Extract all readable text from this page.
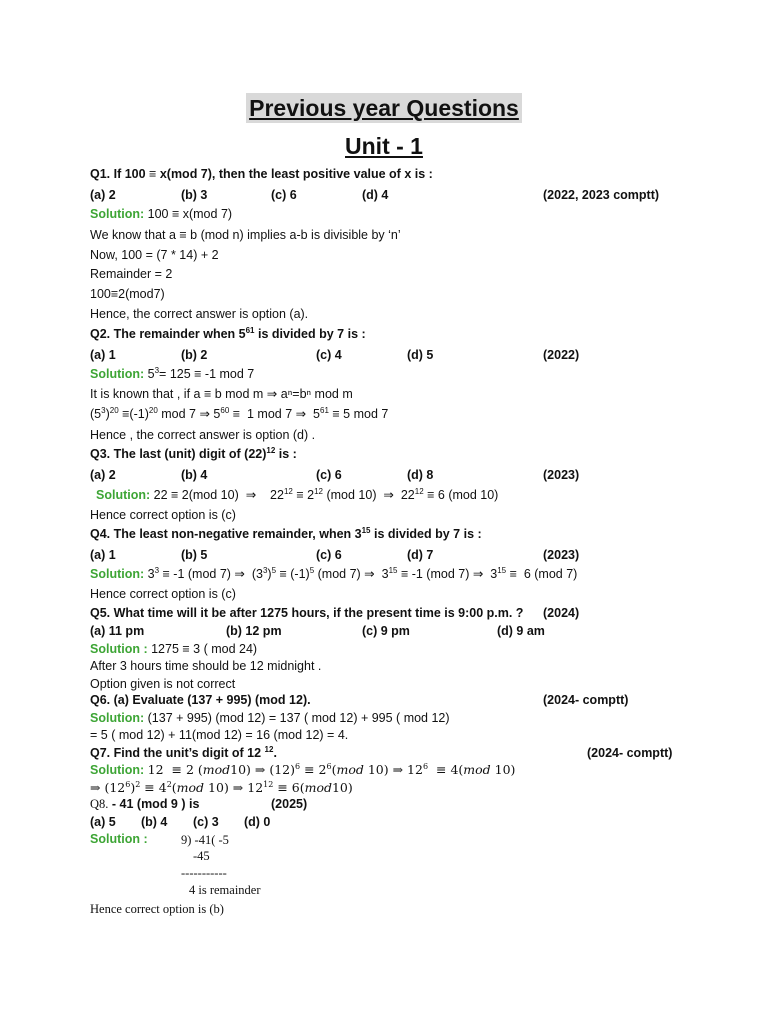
Previous year Questions
Unit - 1
Q1. If 100 ≡ x(mod 7), then the least positive value of x is :
(a) 2	(b) 3	(c) 6	(d) 4	(2022, 2023 comptt)
Solution: 100 ≡ x(mod 7)
We know that a ≡ b (mod n) implies a-b is divisible by ‘n’
Now, 100 = (7 * 14) + 2
Remainder = 2
100≡2(mod7)
Hence, the correct answer is option (a).
Q2. The remainder when $5^{61}$ is divided by 7 is :
(a) 1	(b) 2	(c) 4	(d) 5	(2022)
Solution: $5^3= 125 \equiv -1$ mod 7
It is known that , if a ≡ b mod m ⇒ aⁿ=bⁿ mod m
$(5^3)^{20} \equiv(-1)^{20}$ mod 7 ⇒ $5^{60} \equiv 1$ mod 7 ⇒  $5^{61} \equiv 5$ mod 7
Hence , the correct answer is option (d) .
Q3. The last (unit) digit of $(22)^{12}$ is :
(a) 2	(b) 4	(c) 6	(d) 8	(2023)
Solution: 22 ≡ 2(mod 10)  ⇒    $22^{12} \equiv 2^{12}$ (mod 10)  ⇒  $22^{12} \equiv 6$ (mod 10)
Hence correct option is (c)
Q4. The least non-negative remainder, when $3^{15}$ is divided by 7 is :
(a) 1	(b) 5	(c) 6	(d) 7	(2023)
Solution: $3^3 \equiv -1$ (mod 7) ⇒  $(3^3)^5 \equiv (-1)^5$ (mod 7) ⇒  $3^{15} \equiv -1$ (mod 7) ⇒  $3^{15} \equiv 6$ (mod 7)
Hence correct option is (c)
Q5. What time will it be after 1275 hours, if the present time is 9:00 p.m. ? (2024)
(a) 11 pm	(b) 12 pm	(c) 9 pm	(d) 9 am
Solution : 1275 ≡ 3 ( mod 24)
After 3 hours time should be 12 midnight .
Option given is not correct
Q6. (a) Evaluate (137 + 995) (mod 12).	(2024- comptt)
Solution: (137 + 995) (mod 12) = 137 ( mod 12) + 995 ( mod 12)
= 5 ( mod 12) + 11(mod 12) = 16 (mod 12) = 4.
Q7. Find the unit’s digit of 12 $^{12}$.	(2024- comptt)
Solution: 12  ≡ 2 (mod10) ⇒ $(12)^6 \equiv 2^6(mod$ 10) ⇒ $12^6 \equiv 4(mod$ 10)
⇒ $(12^6)^2 \equiv 4^2(mod$ 10) ⇒ $12^{12} \equiv 6(mod10)$
Q8. - 41 (mod 9 ) is	(2025)
(a) 5 (b) 4 (c) 3 (d) 0
Solution :	9) -41( -5
-45
-----------
4 is remainder
Hence correct option is (b)
